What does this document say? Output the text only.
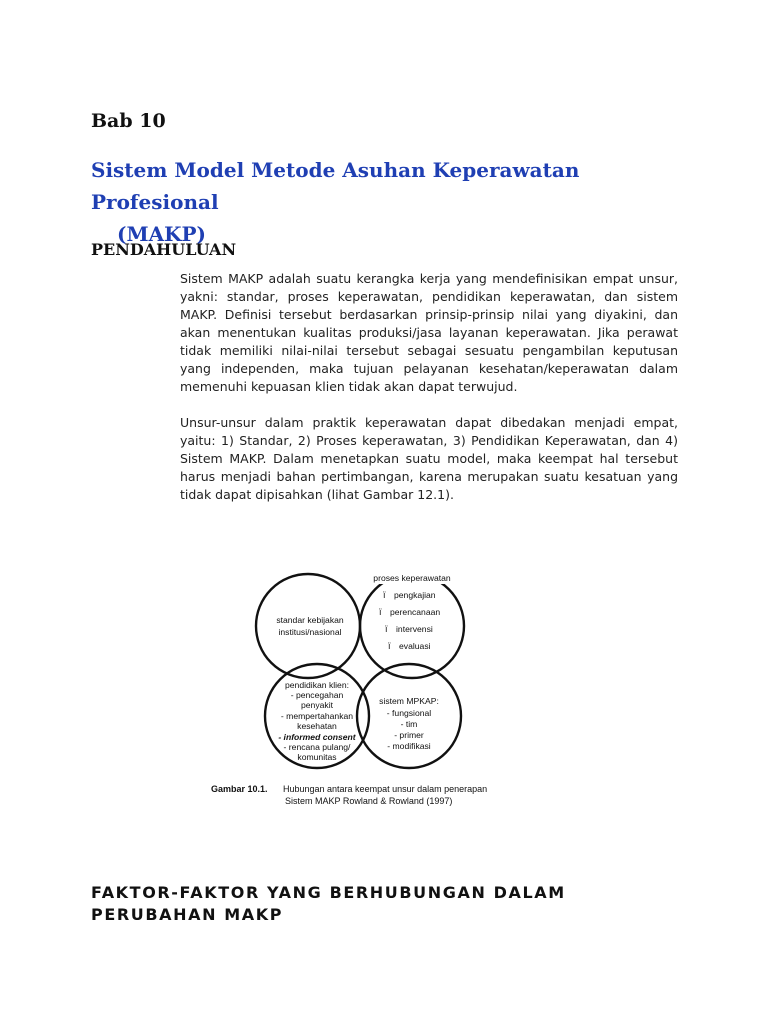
Bab 10
Sistem Model Metode Asuhan Keperawatan Profesional
(MAKP)
PENDAHULUAN

Sistem MAKP adalah suatu kerangka kerja yang mendefinisikan empat unsur, yakni: standar, proses keperawatan, pendidikan keperawatan, dan sistem MAKP. Definisi tersebut berdasarkan prinsip-prinsip nilai yang diyakini, dan akan menentukan kualitas produksi/jasa layanan keperawatan. Jika perawat tidak memiliki nilai-nilai tersebut sebagai sesuatu pengambilan keputusan yang independen, maka tujuan pelayanan kesehatan/keperawatan dalam memenuhi kepuasan klien tidak akan dapat terwujud.

Unsur-unsur dalam praktik keperawatan dapat dibedakan menjadi empat, yaitu: 1) Standar, 2) Proses keperawatan, 3) Pendidikan Keperawatan, dan 4) Sistem MAKP. Dalam menetapkan suatu model, maka keempat hal tersebut harus menjadi bahan pertimbangan, karena merupakan suatu kesatuan yang tidak dapat dipisahkan (lihat Gambar 12.1).

standar kebijakan
institusi/nasional
proses keperawatan
ï pengkajian
ï perencanaan
ï intervensi
ï evaluasi
pendidikan klien:
- pencegahan
penyakit
- mempertahankan
kesehatan
- informed consent
- rencana pulang/
komunitas
sistem MPKAP:
- fungsional
- tim
- primer
- modifikasi
Gambar 10.1. Hubungan antara keempat unsur dalam penerapan
Sistem MAKP Rowland & Rowland (1997)
FAKTOR-FAKTOR YANG BERHUBUNGAN DALAM
PERUBAHAN MAKP
